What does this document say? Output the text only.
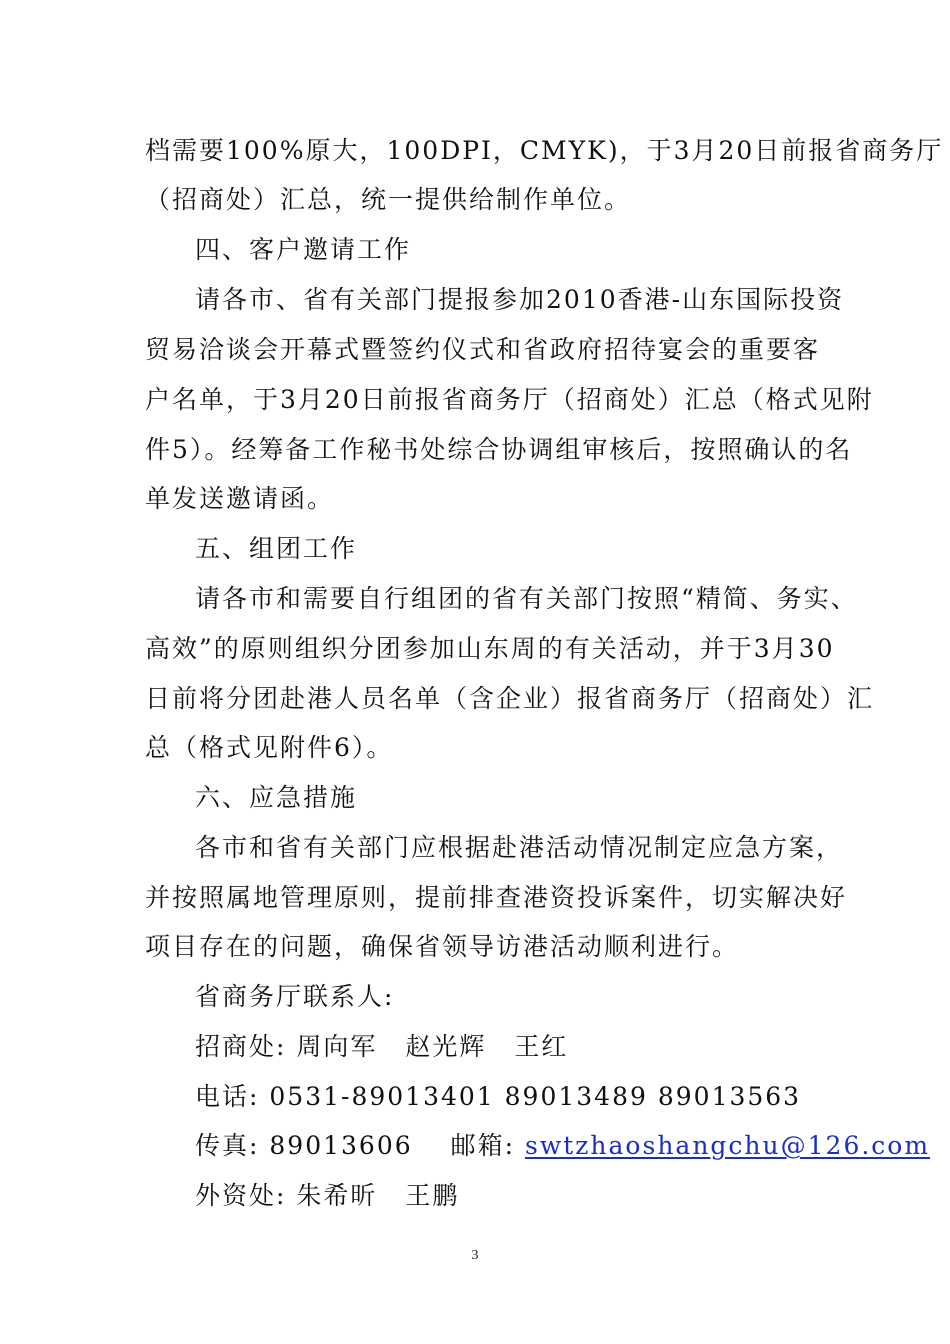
档需要100%原大，100DPI，CMYK)，于3月20日前报省商务厅
（招商处）汇总，统一提供给制作单位。
四、客户邀请工作
请各市、省有关部门提报参加2010香港-山东国际投资
贸易洽谈会开幕式暨签约仪式和省政府招待宴会的重要客
户名单，于3月20日前报省商务厅（招商处）汇总（格式见附
件5）。经筹备工作秘书处综合协调组审核后，按照确认的名
单发送邀请函。
五、组团工作
请各市和需要自行组团的省有关部门按照“精简、务实、
高效”的原则组织分团参加山东周的有关活动，并于3月30
日前将分团赴港人员名单（含企业）报省商务厅（招商处）汇
总（格式见附件6）。
六、应急措施
各市和省有关部门应根据赴港活动情况制定应急方案，
并按照属地管理原则，提前排查港资投诉案件，切实解决好
项目存在的问题，确保省领导访港活动顺利进行。
省商务厅联系人:
招商处: 周向军 赵光辉 王红
电话: 0531-89013401 89013489 89013563
传真: 89013606 邮箱: swtzhaoshangchu@126.com
外资处: 朱希昕 王鹏
3
